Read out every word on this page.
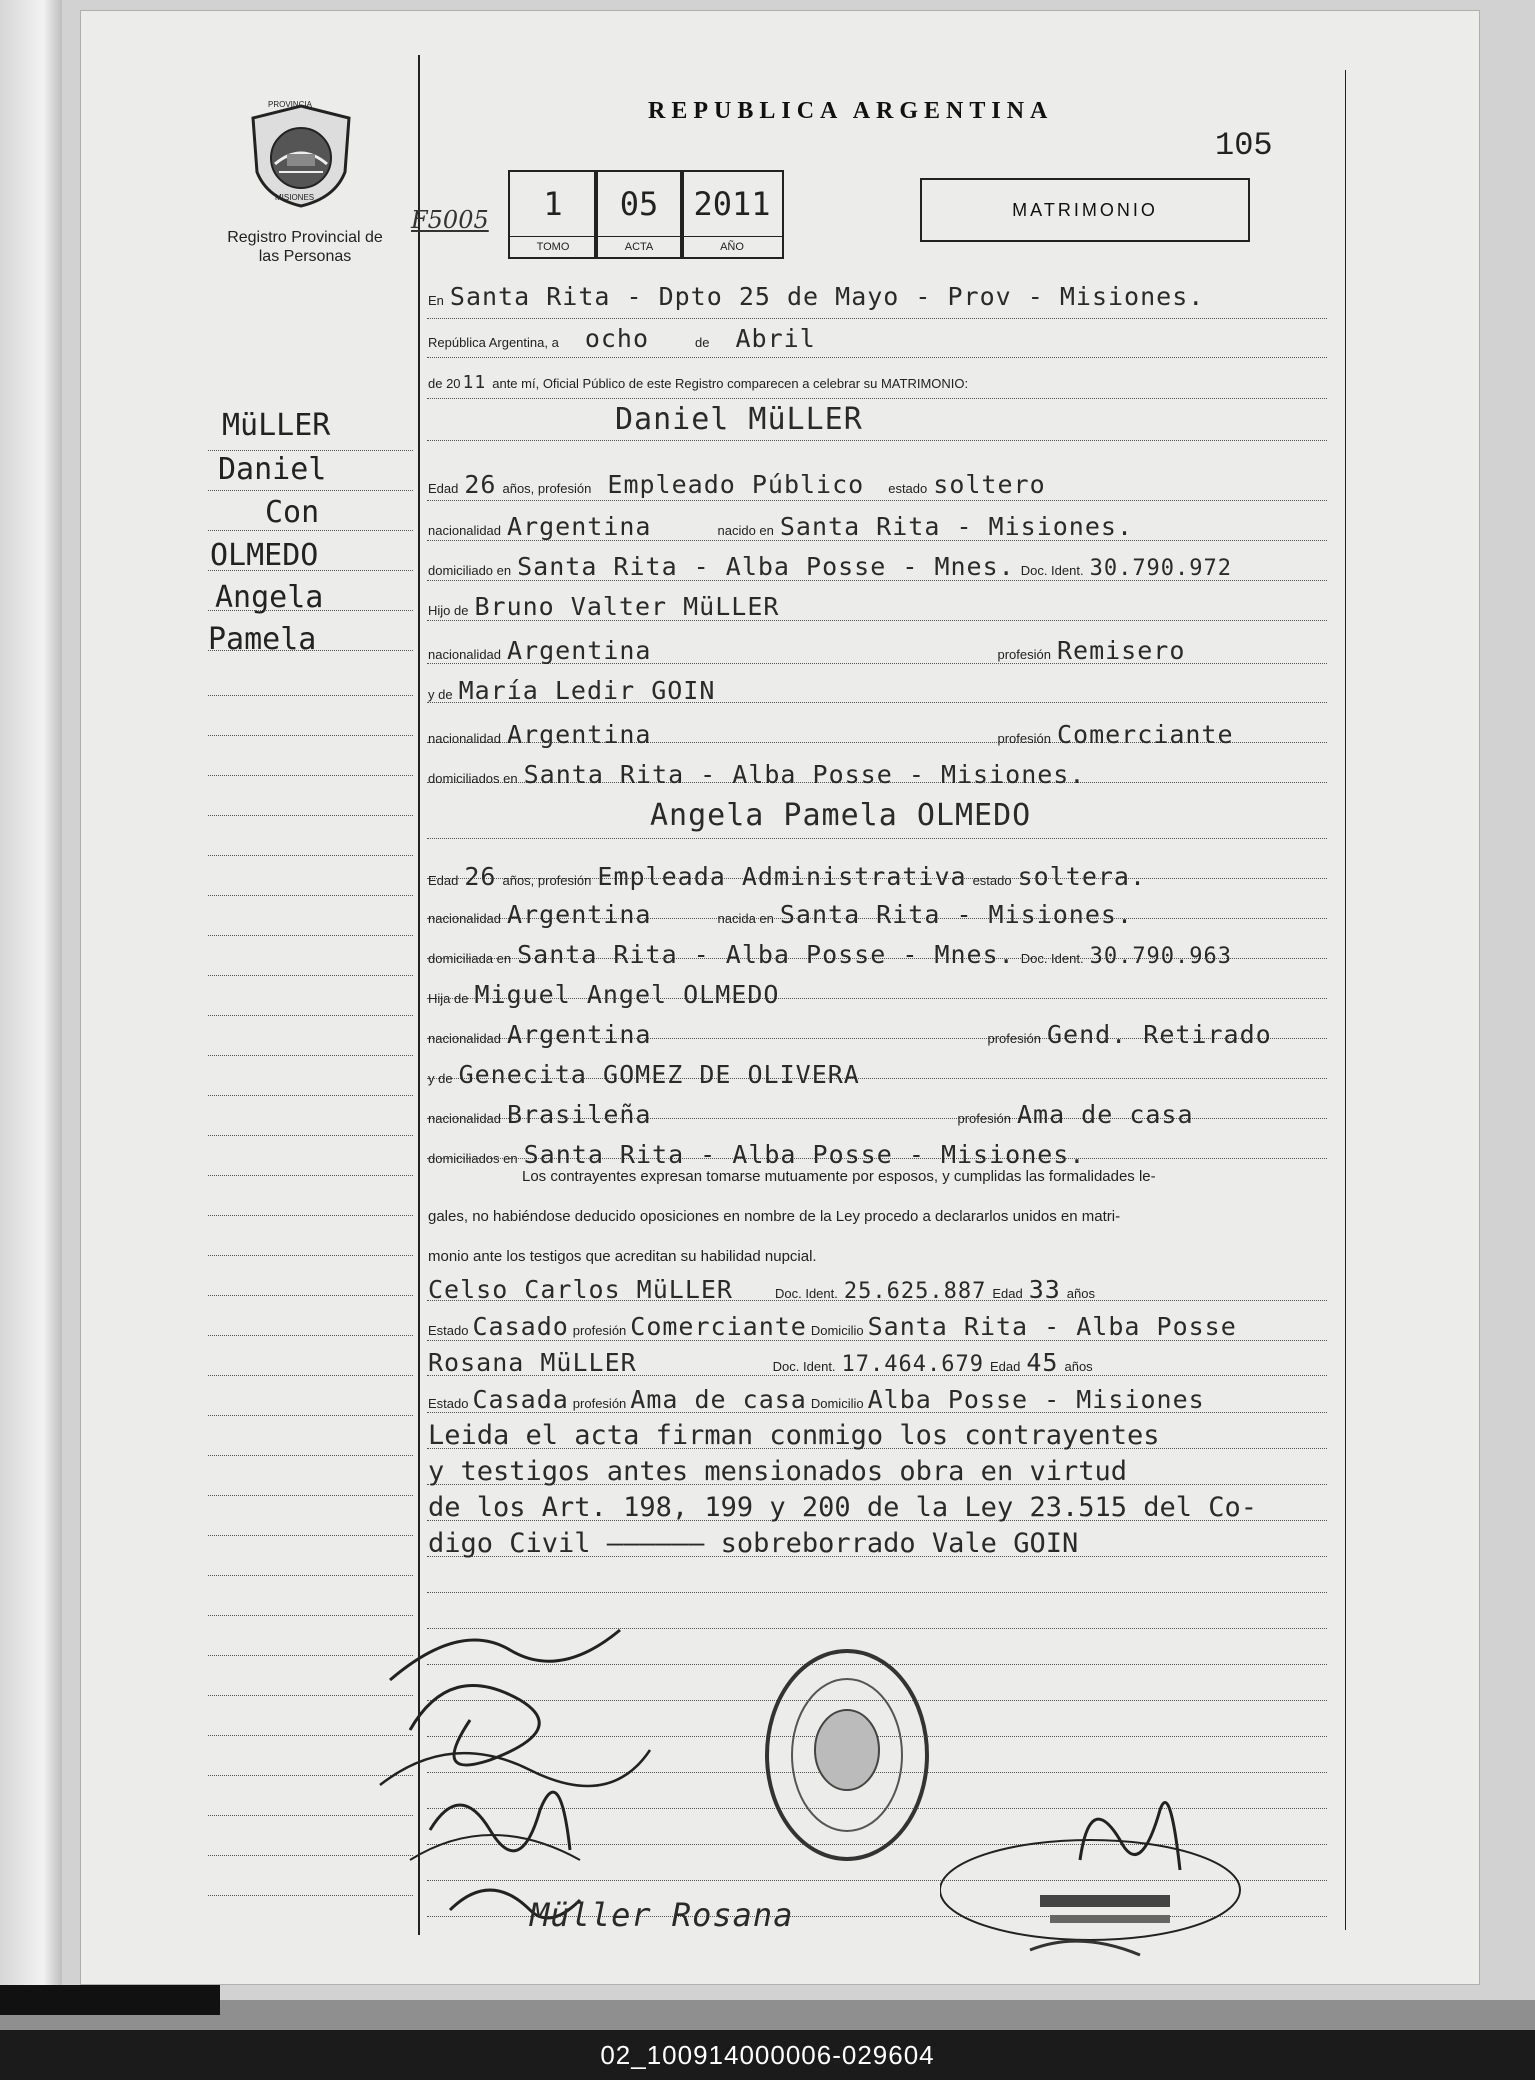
REPUBLICA ARGENTINA
105
PROVINCIA
MISIONES
Registro Provincial de las Personas
F5005	1
TOMO
05
ACTA
2011
AÑO
MATRIMONIO
MüLLER
Daniel
Con
OLMEDO
Angela
Pamela
En Santa Rita - Dpto 25 de Mayo - Prov - Misiones.
República Argentina, a ocho	de Abril
de 20 11 ante mí, Oficial Público de este Registro comparecen a celebrar su MATRIMONIO:
Daniel MüLLER
Edad 26 años, profesión Empleado Público estado soltero
nacionalidad Argentina	nacido en Santa Rita - Misiones.
domiciliado en Santa Rita - Alba Posse - Mnes. Doc. Ident. 30.790.972
Hijo de Bruno Valter MüLLER
nacionalidad Argentina	profesión Remisero
y de María Ledir GOIN
nacionalidad Argentina	profesión Comerciante
domiciliados en Santa Rita - Alba Posse - Misiones.
Angela Pamela OLMEDO
Edad 26 años, profesión Empleada Administrativa estado soltera.
nacionalidad Argentina	nacida en Santa Rita - Misiones.
domiciliada en Santa Rita - Alba Posse - Mnes. Doc. Ident. 30.790.963
Hija de Miguel Angel OLMEDO
nacionalidad Argentina	profesión Gend. Retirado
y de Genecita GOMEZ DE OLIVERA
nacionalidad Brasileña	profesión Ama de casa
domiciliados en Santa Rita - Alba Posse - Misiones.
Los contrayentes expresan tomarse mutuamente por esposos, y cumplidas las formalidades le-
gales, no habiéndose deducido oposiciones en nombre de la Ley procedo a declararlos unidos en matri-
monio ante los testigos que acreditan su habilidad nupcial.
Celso Carlos MüLLER	Doc. Ident. 25.625.887 Edad 33 años
Estado Casado profesión Comerciante Domicilio Santa Rita - Alba Posse
Rosana MüLLER	Doc. Ident. 17.464.679 Edad 45 años
Estado Casada profesión Ama de casa Domicilio Alba Posse - Misiones
Leida el acta firman conmigo los contrayentes
y testigos antes mensionados obra en virtud
de los Art. 198, 199 y 200 de la Ley 23.515 del Co-
digo Civil —————— sobreborrado Vale GOIN
Müller Rosana
02_100914000006-029604
